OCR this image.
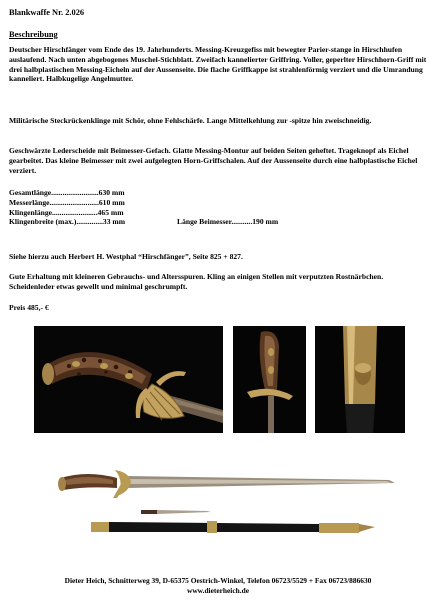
Blankwaffe Nr. 2.026
Beschreibung
Deutscher Hirschfänger vom Ende des 19. Jahrhunderts. Messing-Kreuzgefiss mit bewegter Parier-stange in Hirschhufen auslaufend. Nach unten abgebogenes Muschel-Stichblatt. Zweifach kannelierter Griffring. Voller, geperlter Hirschhorn-Griff mit drei halbplastischen Messing-Eicheln auf der Aussenseite. Die flache Griffkappe ist strahlenförmig verziert und die Umrandung kanneliert. Halbkugelige Angelmutter.
Militärische Steckrückenklinge mit Schör, ohne Fehlschärfe. Lange Mittelkehlung zur -spitze hin zweischneidig.
Geschwärzte Lederscheide mit Beimesser-Gefach. Glatte Messing-Montur auf beiden Seiten geheftet. Trageknopf als Eichel gearbeitet. Das kleine Beimesser mit zwei aufgelegten Horn-Griffschalen. Auf der Aussenseite durch eine halbplastische Eichel verziert.
Gesamtlänge.........................630 mm
Messerlänge..........................610 mm
Klingenlänge........................465 mm
Klingenbreite (max.)..............33 mm	Länge Beimesser...........190 mm
Siehe hierzu auch Herbert H. Westphal “Hirschfänger”, Seite 825 + 827.
Gute Erhaltung mit kleineren Gebrauchs- und Altersspuren. Kling an einigen Stellen mit verputzten Rostnärbchen. Scheidenleder etwas gewellt und minimal geschrumpft.
Preis 485,- €
Dieter Heich, Schnitterweg 39, D-65375 Oestrich-Winkel, Telefon 06723/5529 + Fax 06723/886630
www.dieterheich.de
